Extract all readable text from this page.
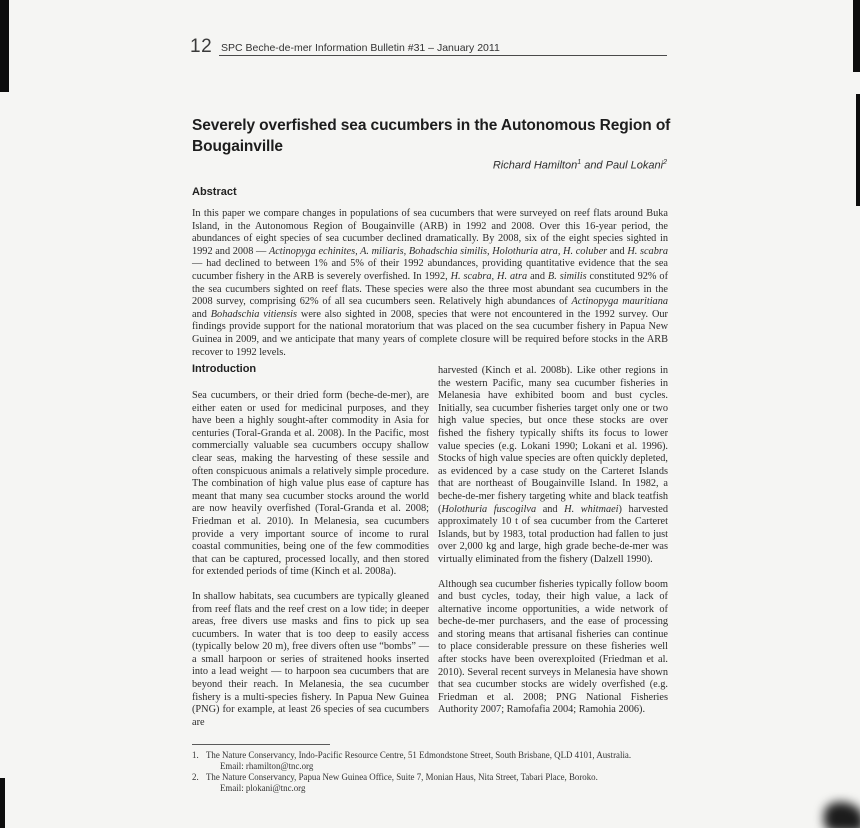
12 SPC Beche-de-mer Information Bulletin #31 – January 2011
Severely overfished sea cucumbers in the Autonomous Region of Bougainville
Richard Hamilton$^1$ and Paul Lokani$^2$
Abstract
In this paper we compare changes in populations of sea cucumbers that were surveyed on reef flats around Buka Island, in the Autonomous Region of Bougainville (ARB) in 1992 and 2008. Over this 16-year period, the abundances of eight species of sea cucumber declined dramatically. By 2008, six of the eight species sighted in 1992 and 2008 — Actinopyga echinites, A. miliaris, Bohadschia similis, Holothuria atra, H. coluber and H. scabra — had declined to between 1% and 5% of their 1992 abundances, providing quantitative evidence that the sea cucumber fishery in the ARB is severely overfished. In 1992, H. scabra, H. atra and B. similis constituted 92% of the sea cucumbers sighted on reef flats. These species were also the three most abundant sea cucumbers in the 2008 survey, comprising 62% of all sea cucumbers seen. Relatively high abundances of Actinopyga mauritiana and Bohadschia vitiensis were also sighted in 2008, species that were not encountered in the 1992 survey. Our findings provide support for the national moratorium that was placed on the sea cucumber fishery in Papua New Guinea in 2009, and we anticipate that many years of complete closure will be required before stocks in the ARB recover to 1992 levels.
Introduction

Sea cucumbers, or their dried form (beche-de-mer), are either eaten or used for medicinal purposes, and they have been a highly sought-after commodity in Asia for centuries (Toral-Granda et al. 2008). In the Pacific, most commercially valuable sea cucumbers occupy shallow clear seas, making the harvesting of these sessile and often conspicuous animals a relatively simple procedure. The combination of high value plus ease of capture has meant that many sea cucumber stocks around the world are now heavily overfished (Toral-Granda et al. 2008; Friedman et al. 2010). In Melanesia, sea cucumbers provide a very important source of income to rural coastal communities, being one of the few commodities that can be captured, processed locally, and then stored for extended periods of time (Kinch et al. 2008a).

In shallow habitats, sea cucumbers are typically gleaned from reef flats and the reef crest on a low tide; in deeper areas, free divers use masks and fins to pick up sea cucumbers. In water that is too deep to easily access (typically below 20 m), free divers often use “bombs” — a small harpoon or series of straitened hooks inserted into a lead weight — to harpoon sea cucumbers that are beyond their reach. In Melanesia, the sea cucumber fishery is a multi-species fishery. In Papua New Guinea (PNG) for example, at least 26 species of sea cucumbers are

harvested (Kinch et al. 2008b). Like other regions in the western Pacific, many sea cucumber fisheries in Melanesia have exhibited boom and bust cycles. Initially, sea cucumber fisheries target only one or two high value species, but once these stocks are over fished the fishery typically shifts its focus to lower value species (e.g. Lokani 1990; Lokani et al. 1996). Stocks of high value species are often quickly depleted, as evidenced by a case study on the Carteret Islands that are northeast of Bougainville Island. In 1982, a beche-de-mer fishery targeting white and black teatfish (Holothuria fuscogilva and H. whitmaei) harvested approximately 10 t of sea cucumber from the Carteret Islands, but by 1983, total production had fallen to just over 2,000 kg and large, high grade beche-de-mer was virtually eliminated from the fishery (Dalzell 1990).

Although sea cucumber fisheries typically follow boom and bust cycles, today, their high value, a lack of alternative income opportunities, a wide network of beche-de-mer purchasers, and the ease of processing and storing means that artisanal fisheries can continue to place considerable pressure on these fisheries well after stocks have been overexploited (Friedman et al. 2010). Several recent surveys in Melanesia have shown that sea cucumber stocks are widely overfished (e.g. Friedman et al. 2008; PNG National Fisheries Authority 2007; Ramofafia 2004; Ramohia 2006).

1. The Nature Conservancy, Indo-Pacific Resource Centre, 51 Edmondstone Street, South Brisbane, QLD 4101, Australia.
Email: rhamilton@tnc.org
2. The Nature Conservancy, Papua New Guinea Office, Suite 7, Monian Haus, Nita Street, Tabari Place, Boroko.
Email: plokani@tnc.org
